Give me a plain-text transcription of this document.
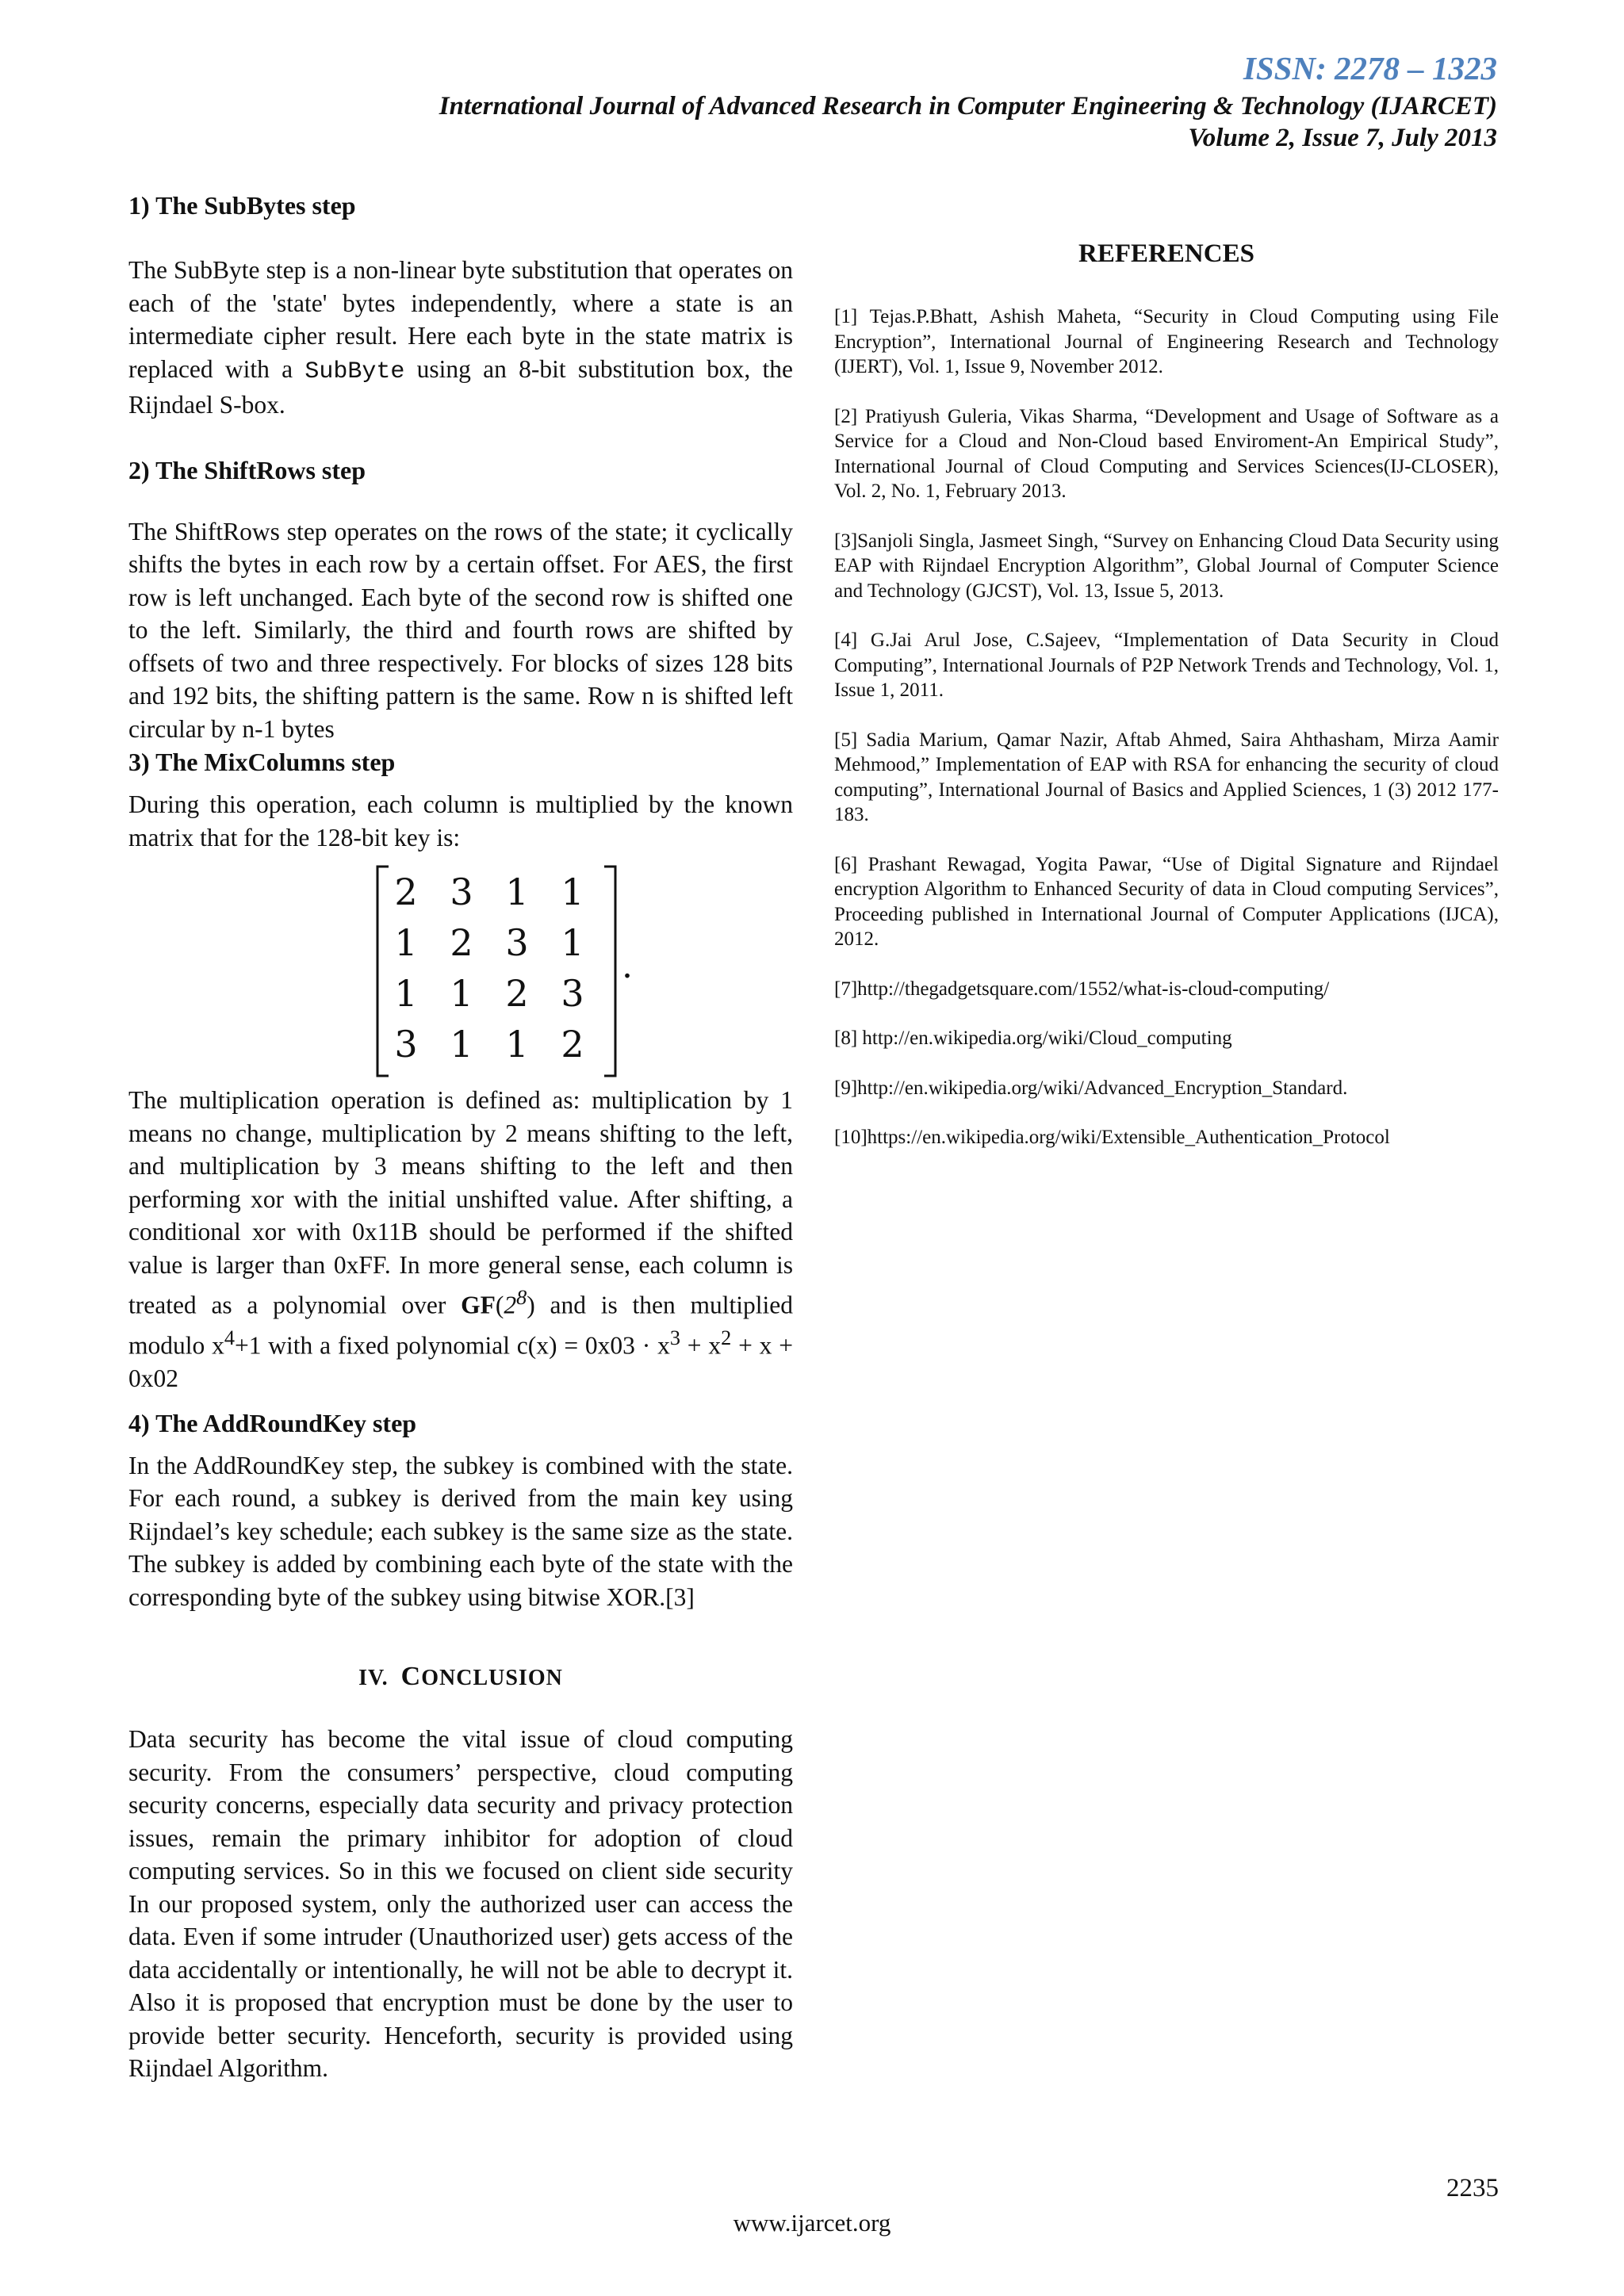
ISSN: 2278 – 1323
International Journal of Advanced Research in Computer Engineering & Technology (IJARCET)
Volume 2, Issue 7, July 2013
1) The SubBytes step

The SubByte step is a non-linear byte substitution that operates on each of the 'state' bytes independently, where a state is an intermediate cipher result. Here each byte in the state matrix is replaced with a SubByte using an 8-bit substitution box, the Rijndael S-box.

2) The ShiftRows step

The ShiftRows step operates on the rows of the state; it cyclically shifts the bytes in each row by a certain offset. For AES, the first row is left unchanged. Each byte of the second row is shifted one to the left. Similarly, the third and fourth rows are shifted by offsets of two and three respectively. For blocks of sizes 128 bits and 192 bits, the shifting pattern is the same. Row n is shifted left circular by n-1 bytes

3) The MixColumns step

During this operation, each column is multiplied by the known matrix that for the 128-bit key is:

2 3 1 1
1 2 3 1
1 1 2 3
3 1 1 2
.

The multiplication operation is defined as: multiplication by 1 means no change, multiplication by 2 means shifting to the left, and multiplication by 3 means shifting to the left and then performing xor with the initial unshifted value. After shifting, a conditional xor with 0x11B should be performed if the shifted value is larger than 0xFF. In more general sense, each column is treated as a polynomial over $GF(2^8)$ and is then multiplied modulo $x^4+1$ with a fixed polynomial $c(x) = 0x03 \cdot x^3 + x^2 + x + 0x02$

4) The AddRoundKey step

In the AddRoundKey step, the subkey is combined with the state. For each round, a subkey is derived from the main key using Rijndael’s key schedule; each subkey is the same size as the state. The subkey is added by combining each byte of the state with the corresponding byte of the subkey using bitwise XOR.[3]

IV. CONCLUSION

Data security has become the vital issue of cloud computing security. From the consumers’ perspective, cloud computing security concerns, especially data security and privacy protection issues, remain the primary inhibitor for adoption of cloud computing services. So in this we focused on client side security In our proposed system, only the authorized user can access the data. Even if some intruder (Unauthorized user) gets access of the data accidentally or intentionally, he will not be able to decrypt it. Also it is proposed that encryption must be done by the user to provide better security. Henceforth, security is provided using Rijndael Algorithm.

REFERENCES

[1] Tejas.P.Bhatt, Ashish Maheta, “Security in Cloud Computing using File Encryption”, International Journal of Engineering Research and Technology (IJERT), Vol. 1, Issue 9, November 2012.

[2] Pratiyush Guleria, Vikas Sharma, “Development and Usage of Software as a Service for a Cloud and Non-Cloud based Enviroment-An Empirical Study”, International Journal of Cloud Computing and Services Sciences(IJ-CLOSER), Vol. 2, No. 1, February 2013.

[3]Sanjoli Singla, Jasmeet Singh, “Survey on Enhancing Cloud Data Security using EAP with Rijndael Encryption Algorithm”, Global Journal of Computer Science and Technology (GJCST), Vol. 13, Issue 5, 2013.

[4] G.Jai Arul Jose, C.Sajeev, “Implementation of Data Security in Cloud Computing”, International Journals of P2P Network Trends and Technology, Vol. 1, Issue 1, 2011.

[5] Sadia Marium, Qamar Nazir, Aftab Ahmed, Saira Ahthasham, Mirza Aamir Mehmood,” Implementation of EAP with RSA for enhancing the security of cloud computing”, International Journal of Basics and Applied Sciences, 1 (3) 2012 177-183.

[6] Prashant Rewagad, Yogita Pawar, “Use of Digital Signature and Rijndael encryption Algorithm to Enhanced Security of data in Cloud computing Services”, Proceeding published in International Journal of Computer Applications (IJCA), 2012.

[7]http://thegadgetsquare.com/1552/what-is-cloud-computing/

[8] http://en.wikipedia.org/wiki/Cloud_computing

[9]http://en.wikipedia.org/wiki/Advanced_Encryption_Standard.

[10]https://en.wikipedia.org/wiki/Extensible_Authentication_Protocol

2235
www.ijarcet.org
